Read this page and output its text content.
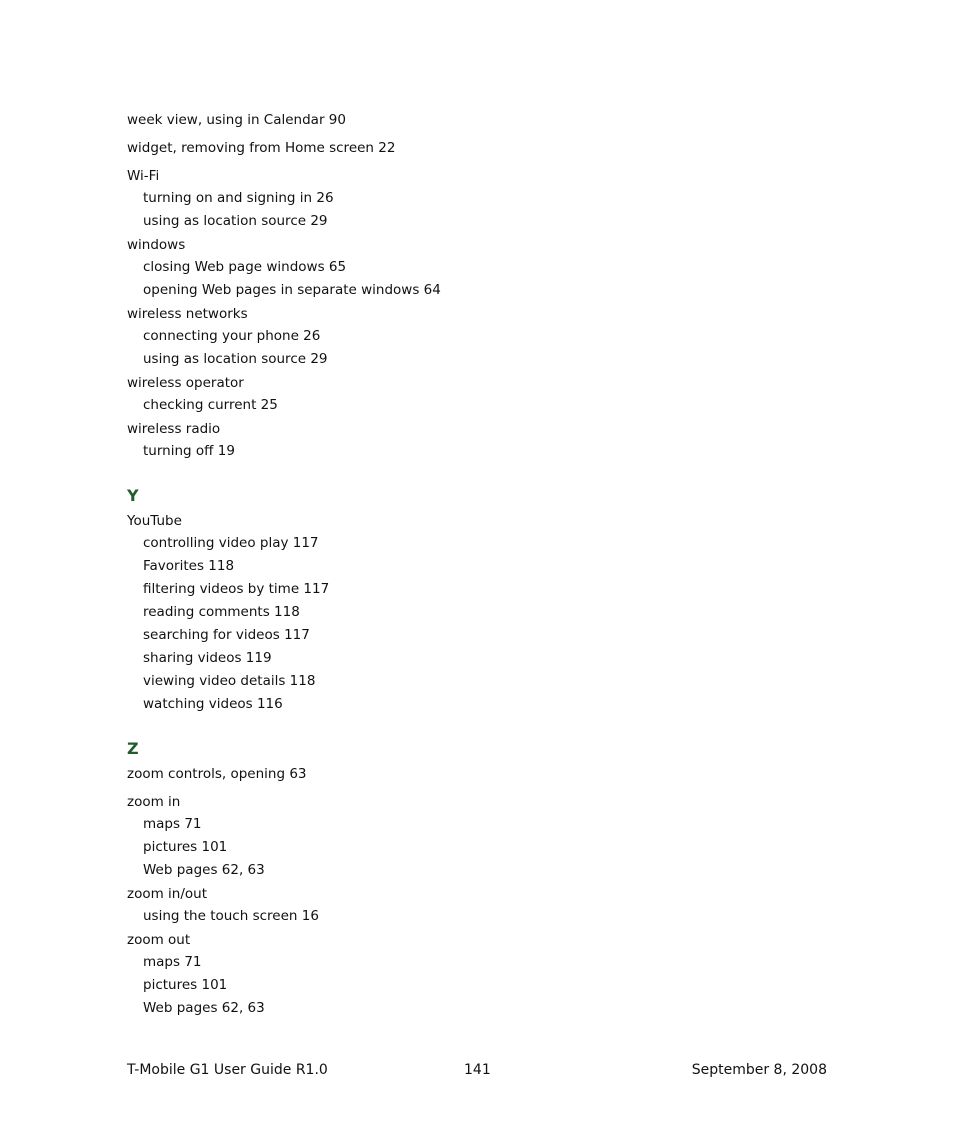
week view, using in Calendar 90
widget, removing from Home screen 22
Wi-Fi
turning on and signing in 26
using as location source 29
windows
closing Web page windows 65
opening Web pages in separate windows 64
wireless networks
connecting your phone 26
using as location source 29
wireless operator
checking current 25
wireless radio
turning off 19
Y
YouTube
controlling video play 117
Favorites 118
filtering videos by time 117
reading comments 118
searching for videos 117
sharing videos 119
viewing video details 118
watching videos 116
Z
zoom controls, opening 63
zoom in
maps 71
pictures 101
Web pages 62, 63
zoom in/out
using the touch screen 16
zoom out
maps 71
pictures 101
Web pages 62, 63
T-Mobile G1 User Guide R1.0	141	September 8, 2008
